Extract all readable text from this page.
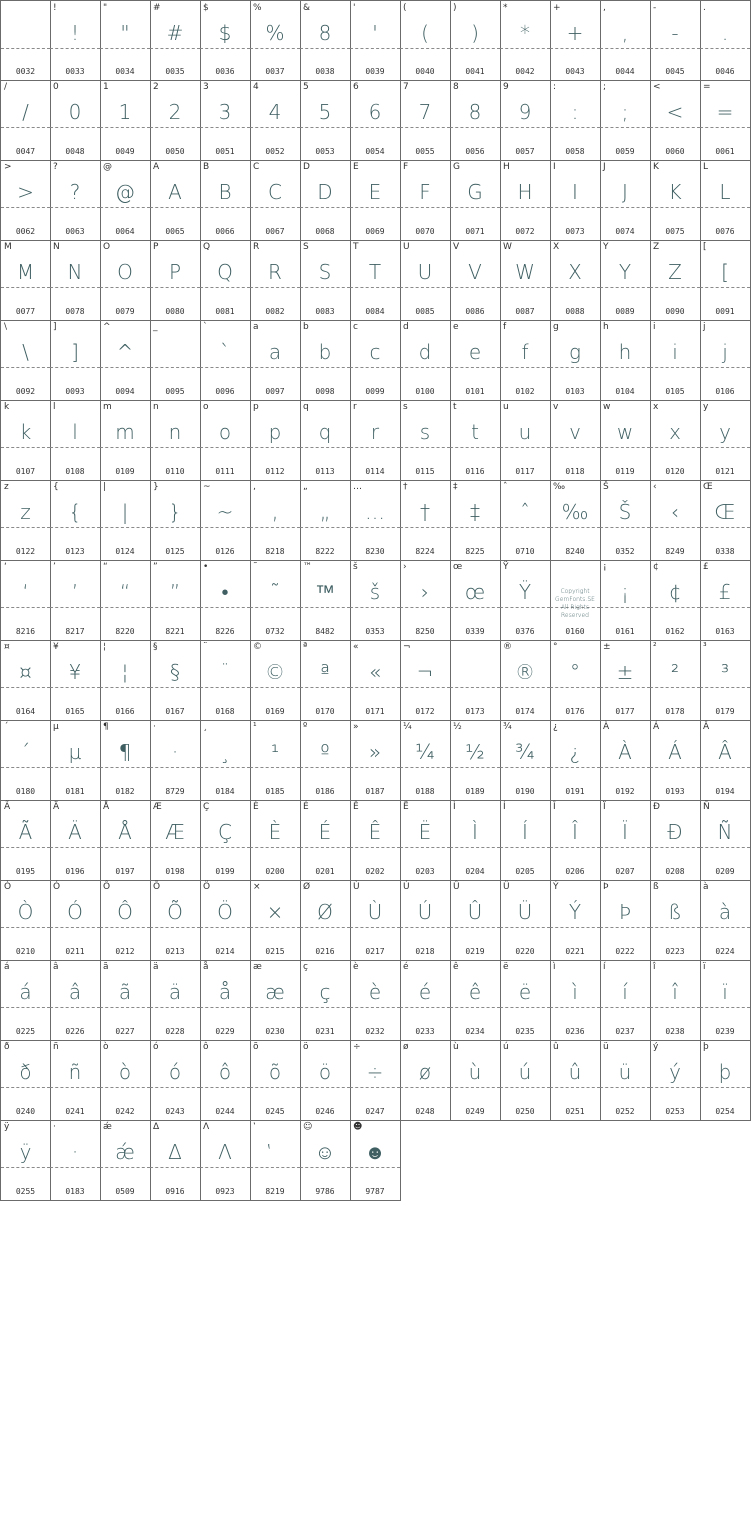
0032
!
!
0033
"
"
0034
#
#
0035
$
$
0036
%
%
0037
&
8
0038
'
'
0039
(
(
0040
)
)
0041
*
*
0042
+
+
0043
,
,
0044
-
-
0045
.
.
0046
/
/
0047
0
0
0048
1
1
0049
2
2
0050
3
3
0051
4
4
0052
5
5
0053
6
6
0054
7
7
0055
8
8
0056
9
9
0057
:
:
0058
;
;
0059
<
<
0060
=
=
0061
>
>
0062
?
?
0063
@
@
0064
A
A
0065
B
B
0066
C
C
0067
D
D
0068
E
E
0069
F
F
0070
G
G
0071
H
H
0072
I
I
0073
J
J
0074
K
K
0075
L
L
0076
M
M
0077
N
N
0078
O
O
0079
P
P
0080
Q
Q
0081
R
R
0082
S
S
0083
T
T
0084
U
U
0085
V
V
0086
W
W
0087
X
X
0088
Y
Y
0089
Z
Z
0090
[
[
0091
\
\
0092
]
]
0093
^
^
0094
_
0095
`
`
0096
a
a
0097
b
b
0098
c
c
0099
d
d
0100
e
e
0101
f
f
0102
g
g
0103
h
h
0104
i
i
0105
j
j
0106
k
k
0107
l
l
0108
m
m
0109
n
n
0110
o
o
0111
p
p
0112
q
q
0113
r
r
0114
s
s
0115
t
t
0116
u
u
0117
v
v
0118
w
w
0119
x
x
0120
y
y
0121
z
z
0122
{
{
0123
|
|
0124
}
}
0125
~
~
0126
‚
‚
8218
„
„
8222
…
…
8230
†
†
8224
‡
‡
8225
ˆ
ˆ
0710
‰
‰
8240
Š
Š
0352
‹
‹
8249
Œ
Œ
0338
‘
‘
8216
’
’
8217
“
“
8220
”
”
8221
•
•
8226
˜
˜
0732
™
™
8482
š
š
0353
›
›
8250
œ
œ
0339
Ÿ
Ÿ
0376
Copyright GemFonts.SE All Rights Reserved
0160
¡
¡
0161
¢
¢
0162
£
£
0163
¤
¤
0164
¥
¥
0165
¦
¦
0166
§
§
0167
¨
¨
0168
©
©
0169
ª
ª
0170
«
«
0171
¬
¬
0172	0173
®
®
0174
°
°
0176
±
±
0177
²
²
0178
³
³
0179
´
´
0180
µ
µ
0181
¶
¶
0182
·
·
8729
¸
¸
0184
¹
¹
0185
º
º
0186
»
»
0187
¼
¼
0188
½
½
0189
¾
¾
0190
¿
¿
0191
À
À
0192
Á
Á
0193
Â
Â
0194
Ã
Ã
0195
Ä
Ä
0196
Å
Å
0197
Æ
Æ
0198
Ç
Ç
0199
È
È
0200
É
É
0201
Ê
Ê
0202
Ë
Ë
0203
Ì
Ì
0204
Í
Í
0205
Î
Î
0206
Ï
Ï
0207
Ð
Ð
0208
Ñ
Ñ
0209
Ò
Ò
0210
Ó
Ó
0211
Ô
Ô
0212
Õ
Õ
0213
Ö
Ö
0214
×
×
0215
Ø
Ø
0216
Ù
Ù
0217
Ú
Ú
0218
Û
Û
0219
Ü
Ü
0220
Ý
Ý
0221
Þ
Þ
0222
ß
ß
0223
à
à
0224
á
á
0225
â
â
0226
ã
ã
0227
ä
ä
0228
å
å
0229
æ
æ
0230
ç
ç
0231
è
è
0232
é
é
0233
ê
ê
0234
ë
ë
0235
ì
ì
0236
í
í
0237
î
î
0238
ï
ï
0239
ð
ð
0240
ñ
ñ
0241
ò
ò
0242
ó
ó
0243
ô
ô
0244
õ
õ
0245
ö
ö
0246
÷
÷
0247
ø
ø
0248
ù
ù
0249
ú
ú
0250
û
û
0251
ü
ü
0252
ý
ý
0253
þ
þ
0254
ÿ
ÿ
0255
·
·
0183
ǽ
ǽ
0509
Δ
Δ
0916
Λ
Λ
0923
‛
‛
8219
☺
☺
9786
☻
☻
9787
